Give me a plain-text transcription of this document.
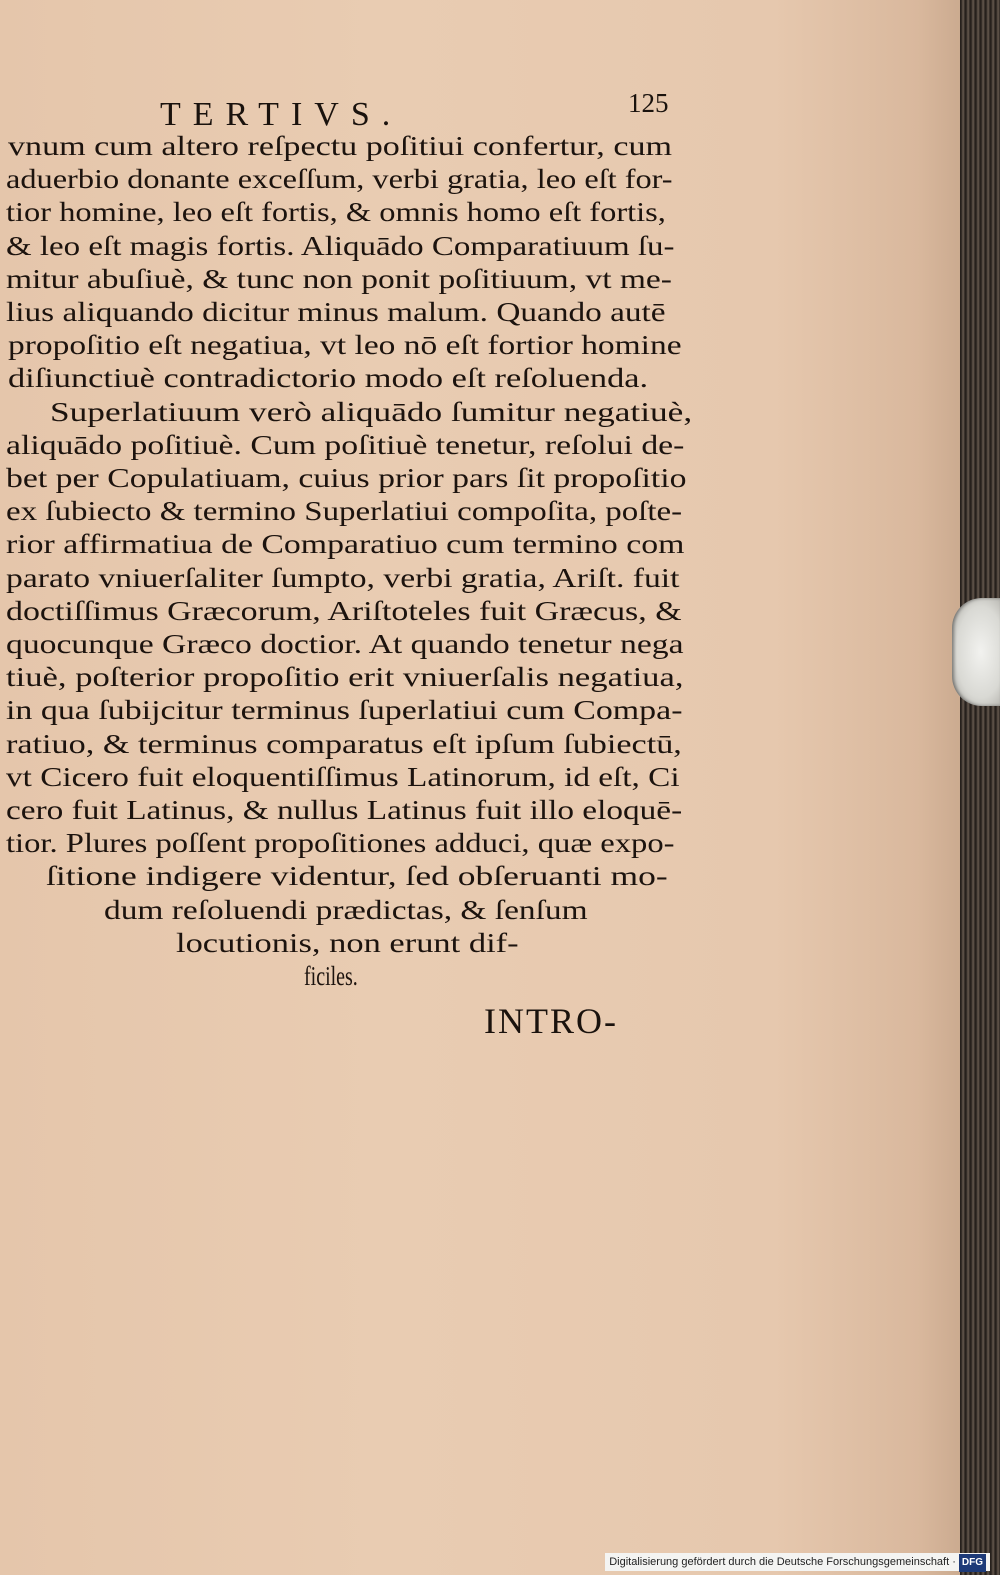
TERTIVS.	125
vnum cum altero reſpectu poſitiui confertur, cum
aduerbio donante exceſſum, verbi gratia, leo eſt for-
tior homine, leo eſt fortis, & omnis homo eſt fortis,
& leo eſt magis fortis. Aliquādo Comparatiuum ſu-
mitur abuſiuè, & tunc non ponit poſitiuum, vt me-
lius aliquando dicitur minus malum. Quando autē
propoſitio eſt negatiua, vt leo nō eſt fortior homine
diſiunctiuè contradictorio modo eſt reſoluenda.
Superlatiuum verò aliquādo ſumitur negatiuè,
aliquādo poſitiuè. Cum poſitiuè tenetur, reſolui de-
bet per Copulatiuam, cuius prior pars ſit propoſitio
ex ſubiecto & termino Superlatiui compoſita, poſte-
rior affirmatiua de Comparatiuo cum termino com
parato vniuerſaliter ſumpto, verbi gratia, Ariſt. fuit
doctiſſimus Græcorum, Ariſtoteles fuit Græcus, &
quocunque Græco doctior. At quando tenetur nega
tiuè, poſterior propoſitio erit vniuerſalis negatiua,
in qua ſubijcitur terminus ſuperlatiui cum Compa-
ratiuo, & terminus comparatus eſt ipſum ſubiectū,
vt Cicero fuit eloquentiſſimus Latinorum, id eſt, Ci
cero fuit Latinus, & nullus Latinus fuit illo eloquē-
tior. Plures poſſent propoſitiones adduci, quæ expo-
ſitione indigere videntur, ſed obſeruanti mo-
dum reſoluendi prædictas, & ſenſum
locutionis, non erunt dif-
ficiles.
INTRO-
Digitalisierung gefördert durch die Deutsche Forschungsgemeinschaft · DFG
